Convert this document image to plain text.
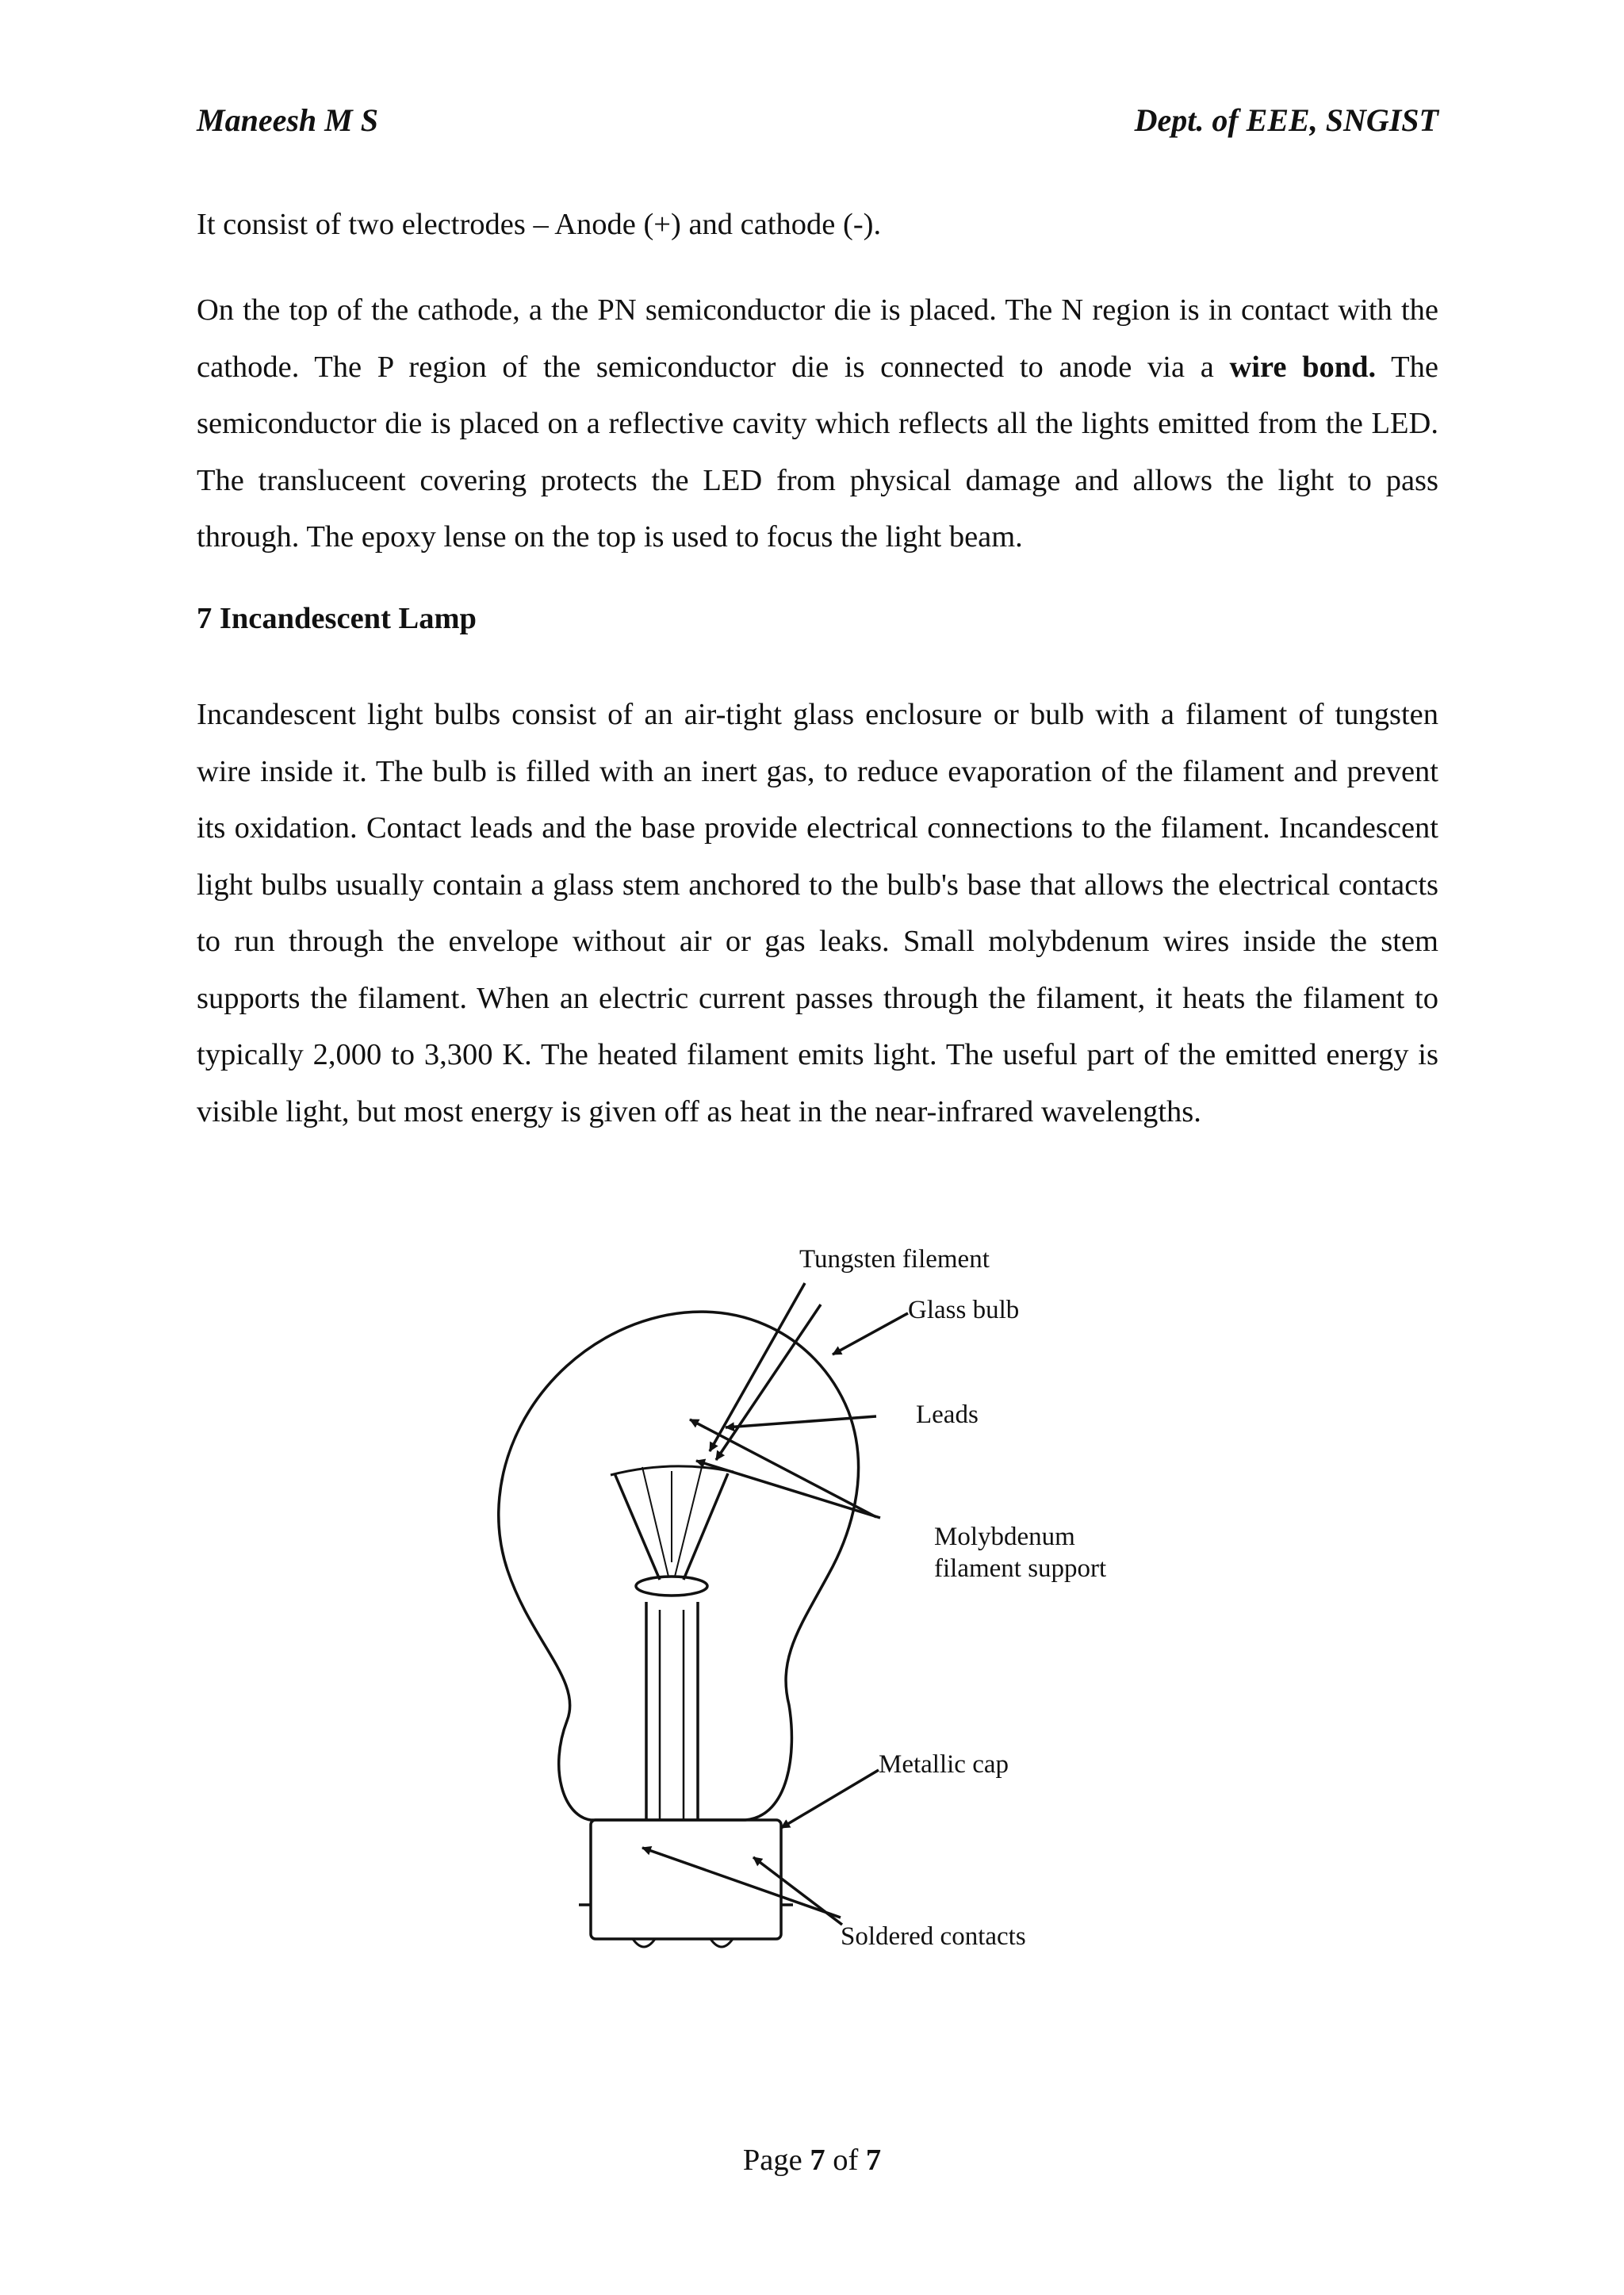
Maneesh M S	Dept. of EEE, SNGIST

It consist of two electrodes – Anode (+) and cathode (-).

On the top of the cathode, a the PN semiconductor die is placed. The N region is in contact with the cathode. The P region of the semiconductor die is connected to anode via a wire bond. The semiconductor die is placed on a reflective cavity which reflects all the lights emitted from the LED. The transluceent covering protects the LED from physical damage and allows the light to pass through. The epoxy lense on the top is used to focus the light beam.

7 Incandescent Lamp

Incandescent light bulbs consist of an air-tight glass enclosure or bulb with a filament of tungsten wire inside it. The bulb is filled with an inert gas, to reduce evaporation of the filament and prevent its oxidation. Contact leads and the base provide electrical connections to the filament. Incandescent light bulbs usually contain a glass stem anchored to the bulb's base that allows the electrical contacts to run through the envelope without air or gas leaks. Small molybdenum wires inside the stem supports the filament. When an electric current passes through the filament, it heats the filament to typically 2,000 to 3,300 K. The heated filament emits light. The useful part of the emitted energy is visible light, but most energy is given off as heat in the near-infrared wavelengths.

Tungsten filement
Glass bulb
Leads
Molybdenum
filament support
Metallic cap
Soldered contacts
Page 7 of 7
